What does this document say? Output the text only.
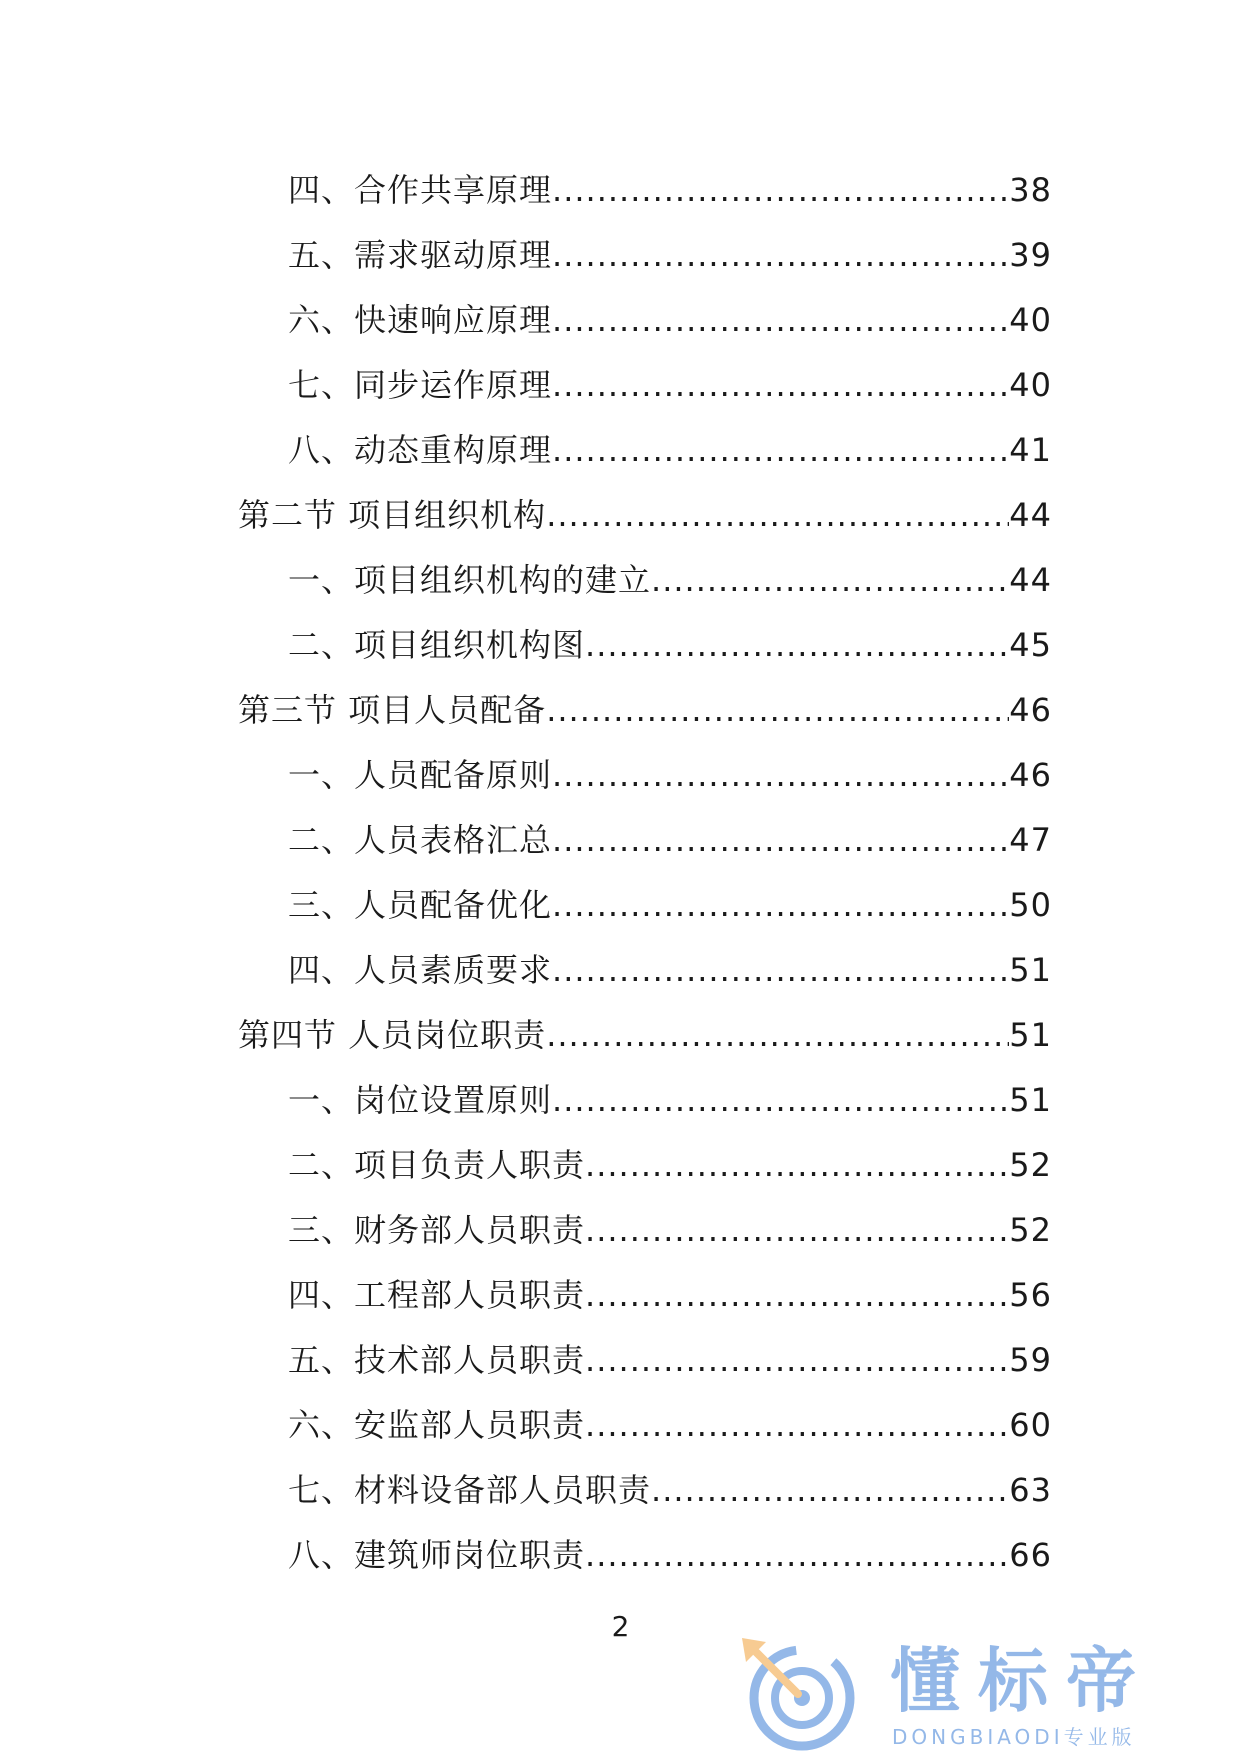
四、合作共享原理 .....	38
五、需求驱动原理 .....	39
六、快速响应原理 .....	40
七、同步运作原理 .....	40
八、动态重构原理 .....	41
第二节 项目组织机构 .....	44
一、项目组织机构的建立 .....	44
二、项目组织机构图 .....	45
第三节 项目人员配备 .....	46
一、人员配备原则 .....	46
二、人员表格汇总 .....	47
三、人员配备优化 .....	50
四、人员素质要求 .....	51
第四节 人员岗位职责 .....	51
一、岗位设置原则 .....	51
二、项目负责人职责 .....	52
三、财务部人员职责 .....	52
四、工程部人员职责 .....	56
五、技术部人员职责 .....	59
六、安监部人员职责 .....	60
七、材料设备部人员职责 .....	63
八、建筑师岗位职责 .....	66
2
懂标帝
DONGBIAODI专业版
